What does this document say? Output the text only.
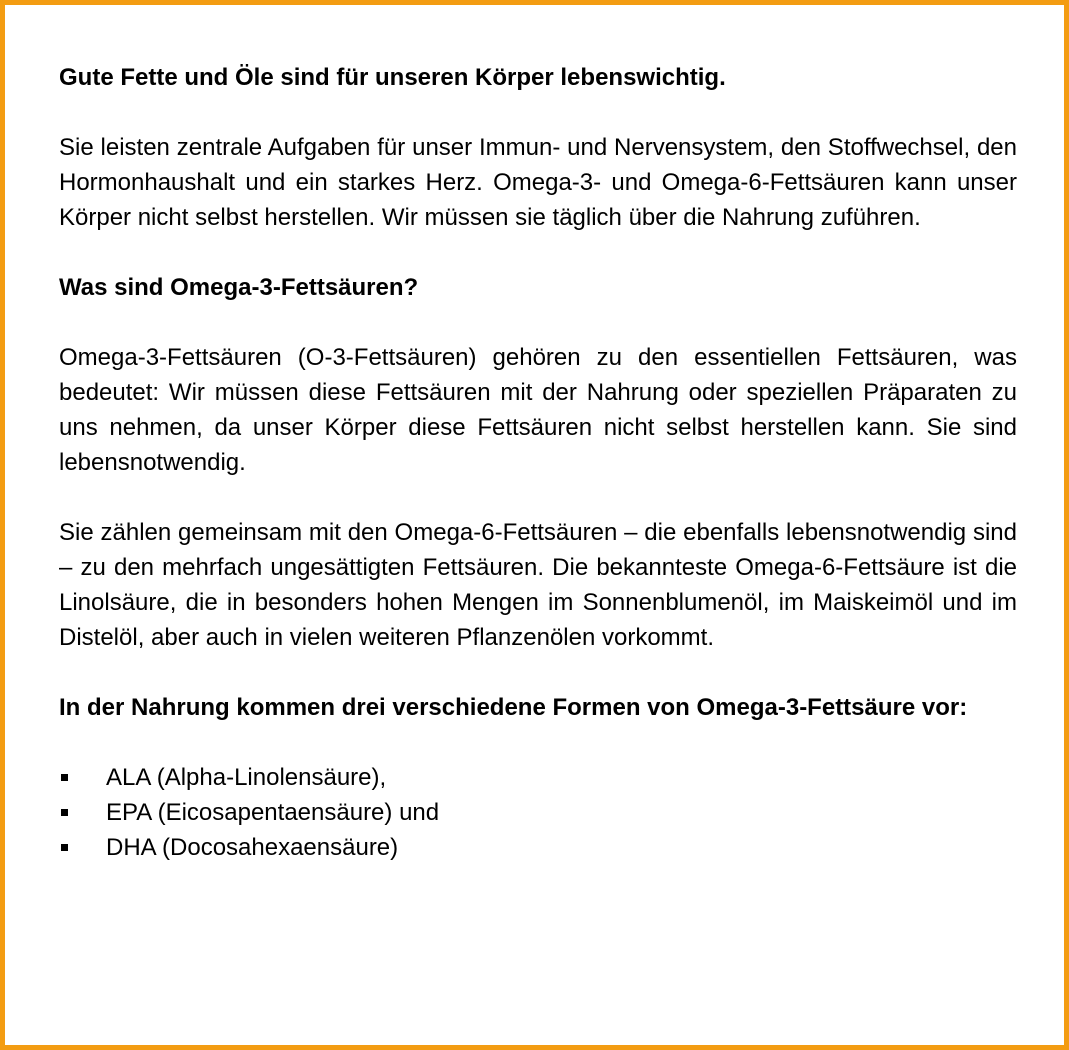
Gute Fette und Öle sind für unseren Körper lebenswichtig.

Sie leisten zentrale Aufgaben für unser Immun- und Nervensystem, den Stoffwechsel, den Hormonhaushalt und ein starkes Herz. Omega-3- und Omega-6-Fettsäuren kann unser Körper nicht selbst herstellen. Wir müssen sie täglich über die Nahrung zuführen.

Was sind Omega-3-Fettsäuren?

Omega-3-Fettsäuren (O-3-Fettsäuren) gehören zu den essentiellen Fettsäuren, was bedeutet: Wir müssen diese Fettsäuren mit der Nahrung oder speziellen Präparaten zu uns nehmen, da unser Körper diese Fettsäuren nicht selbst herstellen kann. Sie sind lebensnotwendig.

Sie zählen gemeinsam mit den Omega-6-Fettsäuren – die ebenfalls lebensnotwendig sind – zu den mehrfach ungesättigten Fettsäuren. Die bekannteste Omega-6-Fettsäure ist die Linolsäure, die in besonders hohen Mengen im Sonnenblumenöl, im Maiskeimöl und im Distelöl, aber auch in vielen weiteren Pflanzenölen vorkommt.

In der Nahrung kommen drei verschiedene Formen von Omega-3-Fettsäure vor:

ALA (Alpha-Linolensäure),
EPA (Eicosapentaensäure) und
DHA (Docosahexaensäure)
